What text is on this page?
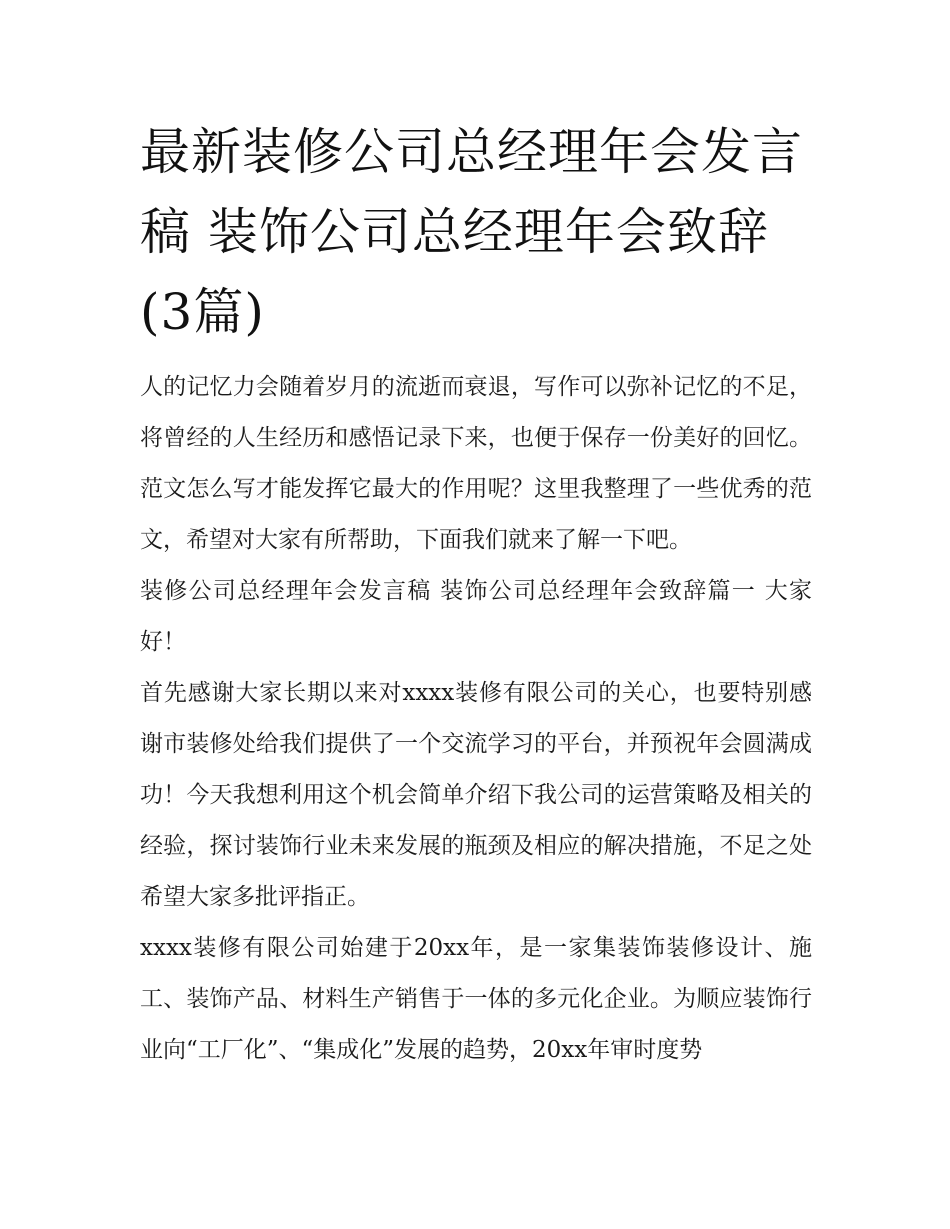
最新装修公司总经理年会发言稿 装饰公司总经理年会致辞(3篇)

人的记忆力会随着岁月的流逝而衰退，写作可以弥补记忆的不足，将曾经的人生经历和感悟记录下来，也便于保存一份美好的回忆。范文怎么写才能发挥它最大的作用呢？这里我整理了一些优秀的范文，希望对大家有所帮助，下面我们就来了解一下吧。

装修公司总经理年会发言稿 装饰公司总经理年会致辞篇一 大家好！

首先感谢大家长期以来对xxxx装修有限公司的关心，也要特别感谢市装修处给我们提供了一个交流学习的平台，并预祝年会圆满成功！今天我想利用这个机会简单介绍下我公司的运营策略及相关的经验，探讨装饰行业未来发展的瓶颈及相应的解决措施，不足之处希望大家多批评指正。

xxxx装修有限公司始建于20xx年，是一家集装饰装修设计、施工、装饰产品、材料生产销售于一体的多元化企业。为顺应装饰行业向“工厂化”、“集成化”发展的趋势，20xx年审时度势
